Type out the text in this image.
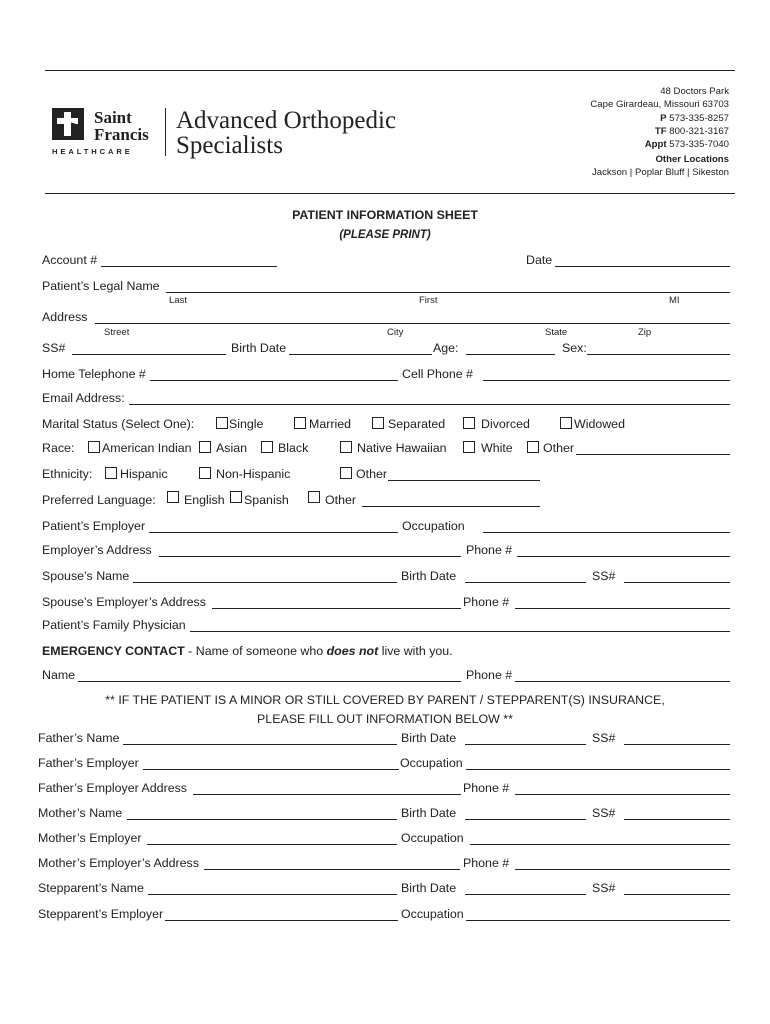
Saint
Francis
HEALTHCARE
Advanced Orthopedic
Specialists
48 Doctors Park
Cape Girardeau, Missouri 63703
P 573-335-8257
TF 800-321-3167
Appt 573-335-7040
Other Locations
Jackson | Poplar Bluff | Sikeston
PATIENT INFORMATION SHEET
(PLEASE PRINT)
Account #	Date
Patient’s Legal Name
Last	First	MI
Address
Street	City	State	Zip
SS#	Birth Date	Age:	Sex:
Home Telephone #	Cell Phone #
Email Address:
Marital Status (Select One):	Single	Married	Separated	Divorced	Widowed
Race: American Indian Asian	Black	Native Hawaiian	White Other
Ethnicity: Hispanic	Non-Hispanic	Other
Preferred Language: English Spanish	Other
Patient’s Employer	Occupation
Employer’s Address	Phone #
Spouse’s Name	Birth Date	SS#
Spouse’s Employer’s Address	Phone #
Patient’s Family Physician
EMERGENCY CONTACT - Name of someone who does not live with you.
Name	Phone #
** IF THE PATIENT IS A MINOR OR STILL COVERED BY PARENT / STEPPARENT(S) INSURANCE,
PLEASE FILL OUT INFORMATION BELOW **
Father’s Name	Birth Date	SS#
Father’s Employer	Occupation
Father’s Employer Address	Phone #
Mother’s Name	Birth Date	SS#
Mother’s Employer	Occupation
Mother’s Employer’s Address	Phone #
Stepparent’s Name	Birth Date	SS#
Stepparent’s Employer	Occupation
